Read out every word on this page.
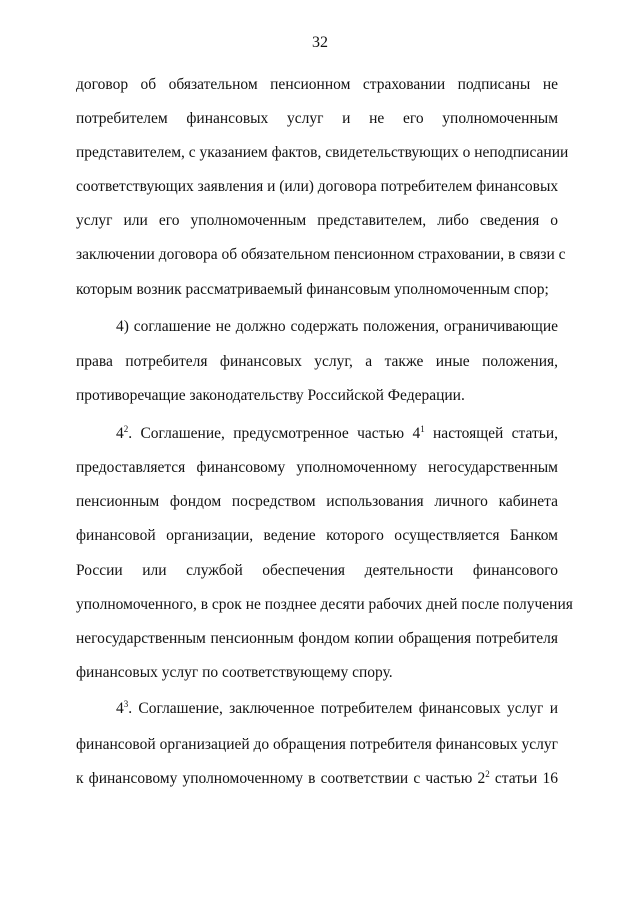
32
договор об обязательном пенсионном страховании подписаны не
потребителем финансовых услуг и не его уполномоченным
представителем, с указанием фактов, свидетельствующих о неподписании
соответствующих заявления и (или) договора потребителем финансовых
услуг или его уполномоченным представителем, либо сведения о
заключении договора об обязательном пенсионном страховании, в связи с
которым возник рассматриваемый финансовым уполномоченным спор;
4) соглашение не должно содержать положения, ограничивающие
права потребителя финансовых услуг, а также иные положения,
противоречащие законодательству Российской Федерации.
$4^2$. Соглашение, предусмотренное частью $4^1$ настоящей статьи,
предоставляется финансовому уполномоченному негосударственным
пенсионным фондом посредством использования личного кабинета
финансовой организации, ведение которого осуществляется Банком
России или службой обеспечения деятельности финансового
уполномоченного, в срок не позднее десяти рабочих дней после получения
негосударственным пенсионным фондом копии обращения потребителя
финансовых услуг по соответствующему спору.
$4^3$. Соглашение, заключенное потребителем финансовых услуг и
финансовой организацией до обращения потребителя финансовых услуг
к финансовому уполномоченному в соответствии с частью $2^2$ статьи 16
